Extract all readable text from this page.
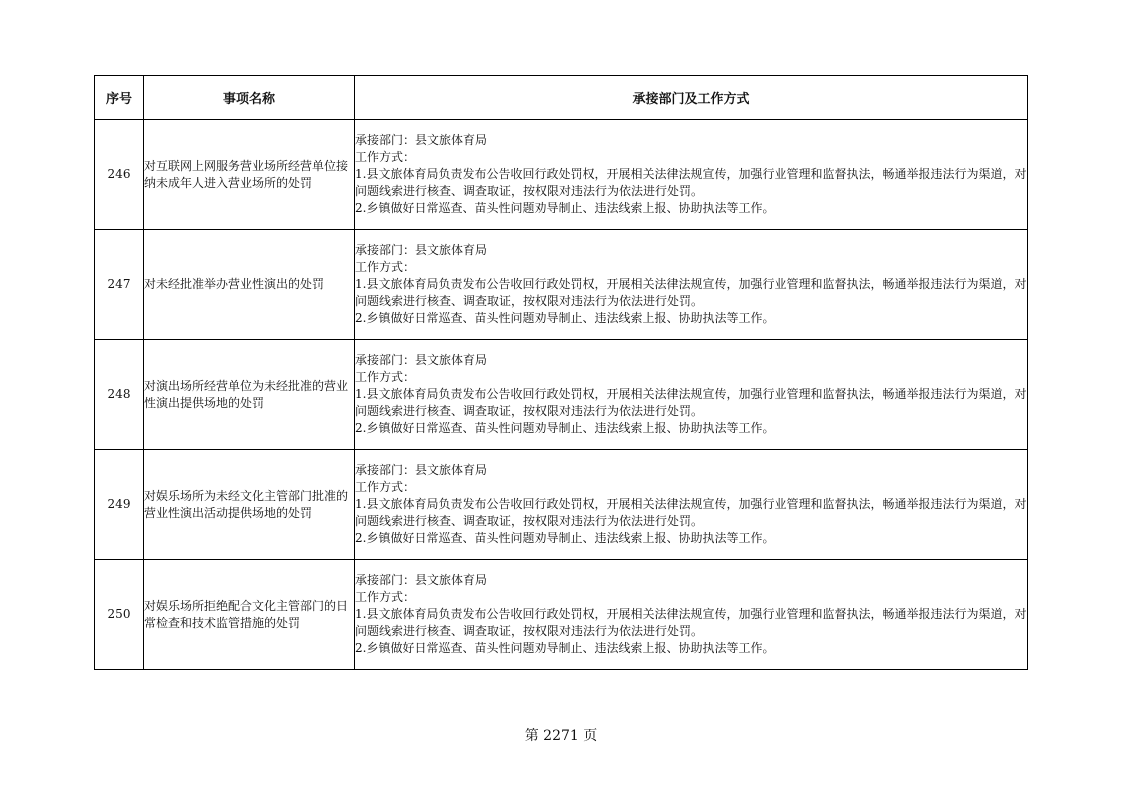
序号	事项名称	承接部门及工作方式
246	对互联网上网服务营业场所经营单位接纳未成年人进入营业场所的处罚	承接部门：县文旅体育局
工作方式：
1.县文旅体育局负责发布公告收回行政处罚权，开展相关法律法规宣传，加强行业管理和监督执法，畅通举报违法行为渠道，对问题线索进行核查、调查取证，按权限对违法行为依法进行处罚。
2.乡镇做好日常巡查、苗头性问题劝导制止、违法线索上报、协助执法等工作。

247	对未经批准举办营业性演出的处罚	承接部门：县文旅体育局
工作方式：
1.县文旅体育局负责发布公告收回行政处罚权，开展相关法律法规宣传，加强行业管理和监督执法，畅通举报违法行为渠道，对问题线索进行核查、调查取证，按权限对违法行为依法进行处罚。
2.乡镇做好日常巡查、苗头性问题劝导制止、违法线索上报、协助执法等工作。

248	对演出场所经营单位为未经批准的营业性演出提供场地的处罚	承接部门：县文旅体育局
工作方式：
1.县文旅体育局负责发布公告收回行政处罚权，开展相关法律法规宣传，加强行业管理和监督执法，畅通举报违法行为渠道，对问题线索进行核查、调查取证，按权限对违法行为依法进行处罚。
2.乡镇做好日常巡查、苗头性问题劝导制止、违法线索上报、协助执法等工作。

249	对娱乐场所为未经文化主管部门批准的营业性演出活动提供场地的处罚	承接部门：县文旅体育局
工作方式：
1.县文旅体育局负责发布公告收回行政处罚权，开展相关法律法规宣传，加强行业管理和监督执法，畅通举报违法行为渠道，对问题线索进行核查、调查取证，按权限对违法行为依法进行处罚。
2.乡镇做好日常巡查、苗头性问题劝导制止、违法线索上报、协助执法等工作。

250	对娱乐场所拒绝配合文化主管部门的日常检查和技术监管措施的处罚	承接部门：县文旅体育局
工作方式：
1.县文旅体育局负责发布公告收回行政处罚权，开展相关法律法规宣传，加强行业管理和监督执法，畅通举报违法行为渠道，对问题线索进行核查、调查取证，按权限对违法行为依法进行处罚。
2.乡镇做好日常巡查、苗头性问题劝导制止、违法线索上报、协助执法等工作。
第 2271 页
